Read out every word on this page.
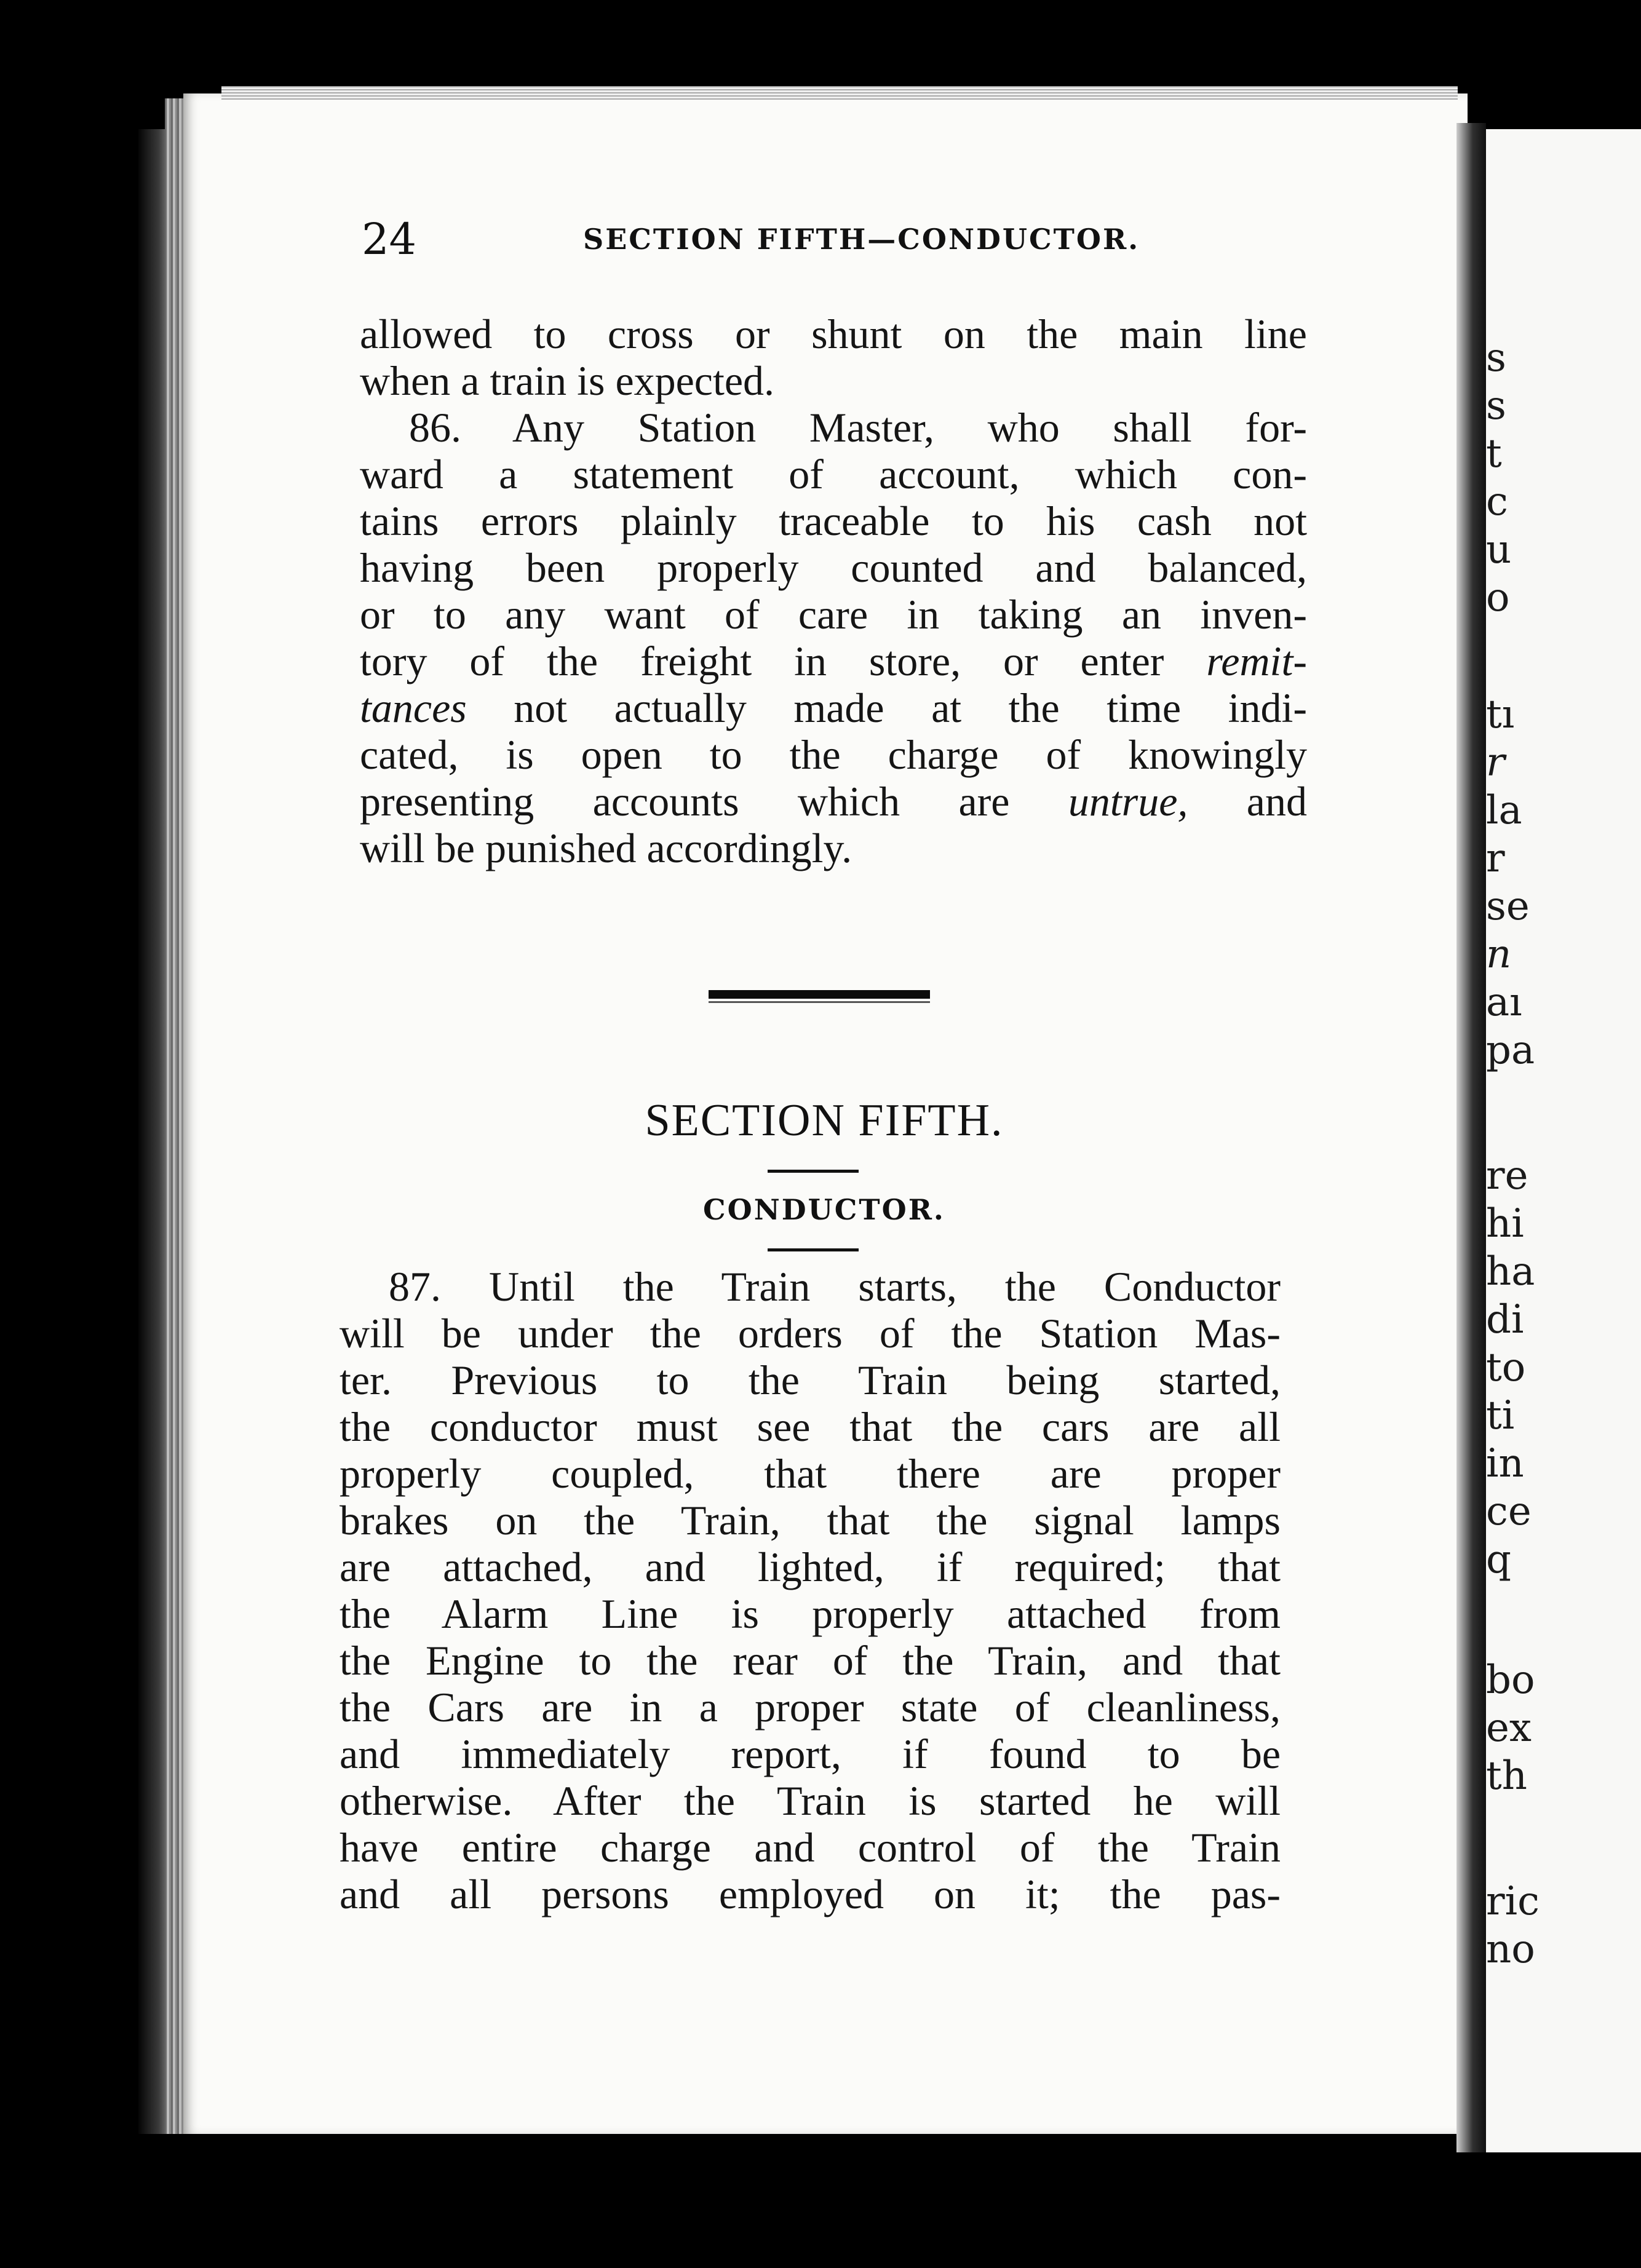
s

s

t

c

u

o

tı

r

la

r

se

n

aı

pa

re

hi

ha

di

to

ti

in

ce

q

bo

ex

th

ric

no

24	SECTION FIFTH—CONDUCTOR.

allowed to cross or shunt on the main line

when a train is expected.

86. Any Station Master, who shall for-

ward a statement of account, which con-

tains errors plainly traceable to his cash not

having been properly counted and balanced,

or to any want of care in taking an inven-

tory of the freight in store, or enter remit-

tances not actually made at the time indi-

cated, is open to the charge of knowingly

presenting accounts which are untrue, and

will be punished accordingly.

SECTION FIFTH.
CONDUCTOR.

87. Until the Train starts, the Conductor

will be under the orders of the Station Mas-

ter. Previous to the Train being started,

the conductor must see that the cars are all

properly coupled, that there are proper

brakes on the Train, that the signal lamps

are attached, and lighted, if required; that

the Alarm Line is properly attached from

the Engine to the rear of the Train, and that

the Cars are in a proper state of cleanliness,

and immediately report, if found to be

otherwise. After the Train is started he will

have entire charge and control of the Train

and all persons employed on it; the pas-
